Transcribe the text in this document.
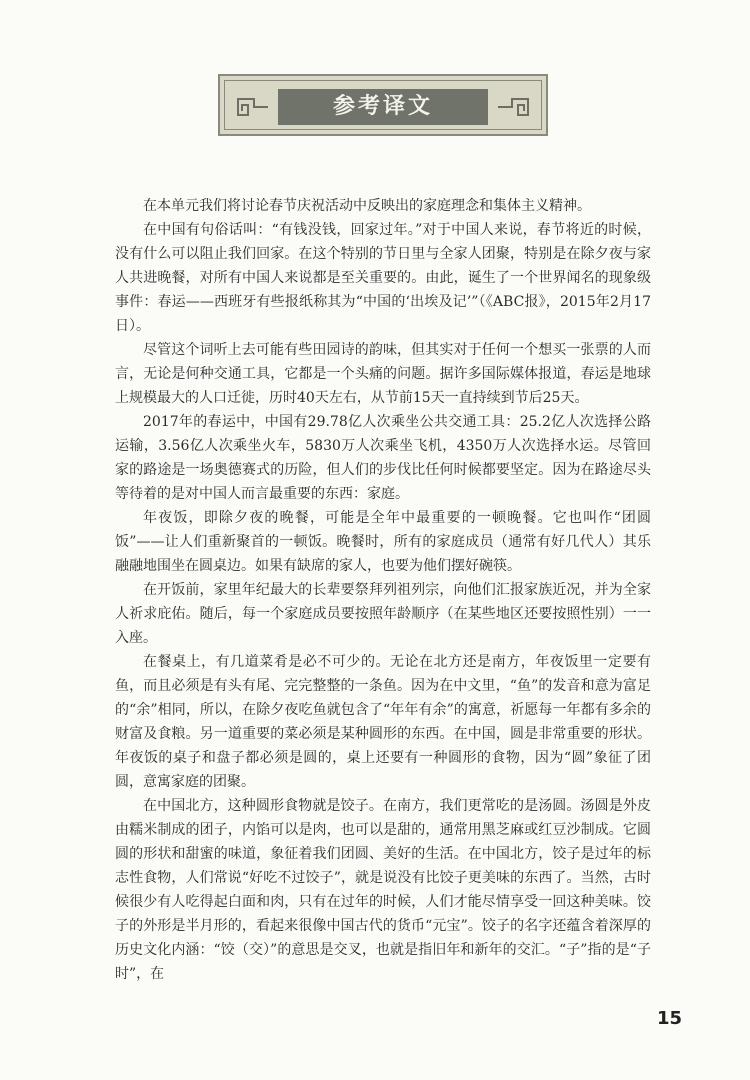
参考译文

在本单元我们将讨论春节庆祝活动中反映出的家庭理念和集体主义精神。

在中国有句俗话叫：“有钱没钱，回家过年。”对于中国人来说，春节将近的时候，没有什么可以阻止我们回家。在这个特别的节日里与全家人团聚，特别是在除夕夜与家人共进晚餐，对所有中国人来说都是至关重要的。由此，诞生了一个世界闻名的现象级事件：春运——西班牙有些报纸称其为“中国的‘出埃及记’”（《ABC报》，2015年2月17日）。

尽管这个词听上去可能有些田园诗的韵味，但其实对于任何一个想买一张票的人而言，无论是何种交通工具，它都是一个头痛的问题。据许多国际媒体报道，春运是地球上规模最大的人口迁徙，历时40天左右，从节前15天一直持续到节后25天。

2017年的春运中，中国有29.78亿人次乘坐公共交通工具：25.2亿人次选择公路运输，3.56亿人次乘坐火车，5830万人次乘坐飞机，4350万人次选择水运。尽管回家的路途是一场奥德赛式的历险，但人们的步伐比任何时候都要坚定。因为在路途尽头等待着的是对中国人而言最重要的东西：家庭。

年夜饭，即除夕夜的晚餐，可能是全年中最重要的一顿晚餐。它也叫作“团圆饭”——让人们重新聚首的一顿饭。晚餐时，所有的家庭成员（通常有好几代人）其乐融融地围坐在圆桌边。如果有缺席的家人，也要为他们摆好碗筷。

在开饭前，家里年纪最大的长辈要祭拜列祖列宗，向他们汇报家族近况，并为全家人祈求庇佑。随后，每一个家庭成员要按照年龄顺序（在某些地区还要按照性别）一一入座。

在餐桌上，有几道菜肴是必不可少的。无论在北方还是南方，年夜饭里一定要有鱼，而且必须是有头有尾、完完整整的一条鱼。因为在中文里，“鱼”的发音和意为富足的“余”相同，所以，在除夕夜吃鱼就包含了“年年有余”的寓意，祈愿每一年都有多余的财富及食粮。另一道重要的菜必须是某种圆形的东西。在中国，圆是非常重要的形状。年夜饭的桌子和盘子都必须是圆的，桌上还要有一种圆形的食物，因为“圆”象征了团圆，意寓家庭的团聚。

在中国北方，这种圆形食物就是饺子。在南方，我们更常吃的是汤圆。汤圆是外皮由糯米制成的团子，内馅可以是肉，也可以是甜的，通常用黑芝麻或红豆沙制成。它圆圆的形状和甜蜜的味道，象征着我们团圆、美好的生活。在中国北方，饺子是过年的标志性食物，人们常说“好吃不过饺子”，就是说没有比饺子更美味的东西了。当然，古时候很少有人吃得起白面和肉，只有在过年的时候，人们才能尽情享受一回这种美味。饺子的外形是半月形的，看起来很像中国古代的货币“元宝”。饺子的名字还蕴含着深厚的历史文化内涵：“饺（交）”的意思是交叉，也就是指旧年和新年的交汇。“子”指的是“子时”，在

15
